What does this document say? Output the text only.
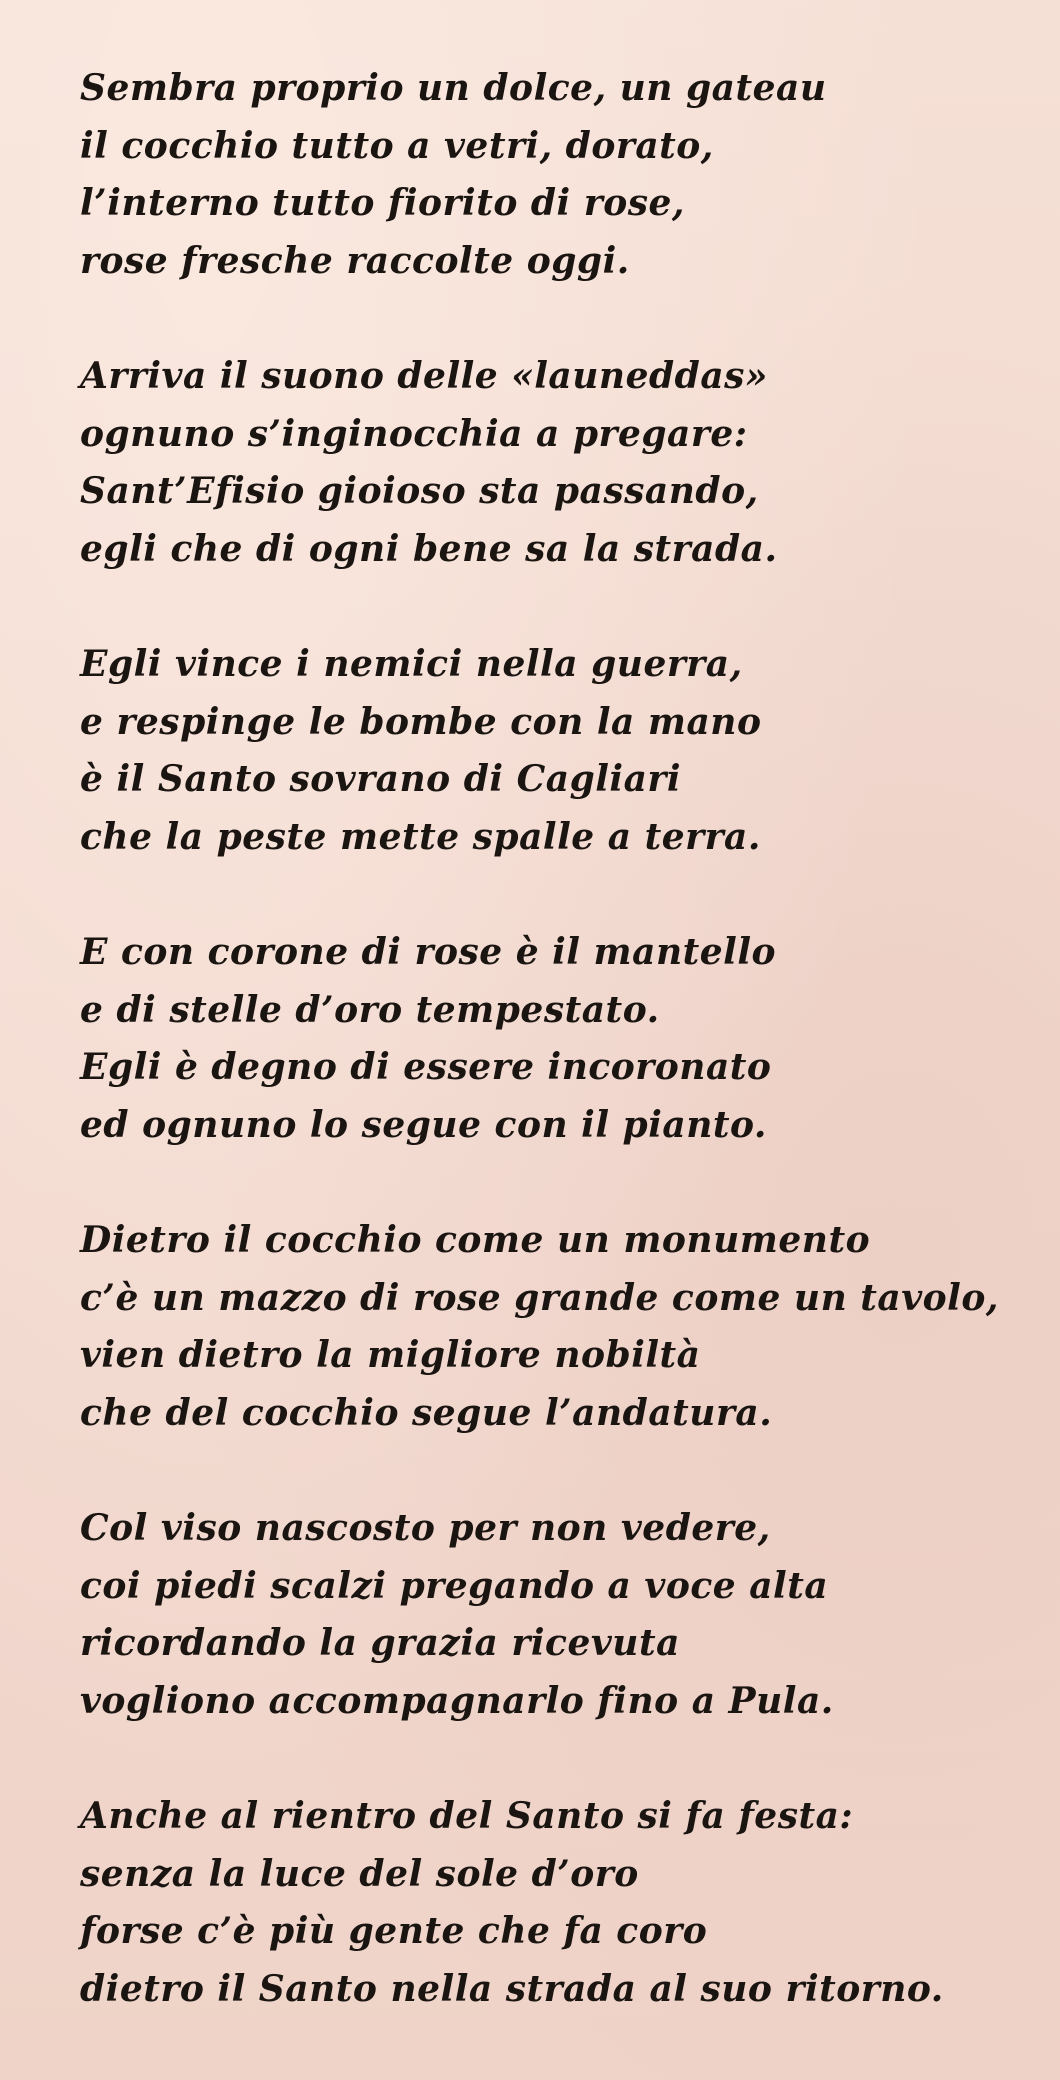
Sembra proprio un dolce, un gateau
il cocchio tutto a vetri, dorato,
l’interno tutto fiorito di rose,
rose fresche raccolte oggi.
Arriva il suono delle «launeddas»
ognuno s’inginocchia a pregare:
Sant’Efisio gioioso sta passando,
egli che di ogni bene sa la strada.
Egli vince i nemici nella guerra,
e respinge le bombe con la mano
è il Santo sovrano di Cagliari
che la peste mette spalle a terra.
E con corone di rose è il mantello
e di stelle d’oro tempestato.
Egli è degno di essere incoronato
ed ognuno lo segue con il pianto.
Dietro il cocchio come un monumento
c’è un mazzo di rose grande come un tavolo,
vien dietro la migliore nobiltà
che del cocchio segue l’andatura.
Col viso nascosto per non vedere,
coi piedi scalzi pregando a voce alta
ricordando la grazia ricevuta
vogliono accompagnarlo fino a Pula.
Anche al rientro del Santo si fa festa:
senza la luce del sole d’oro
forse c’è più gente che fa coro
dietro il Santo nella strada al suo ritorno.
